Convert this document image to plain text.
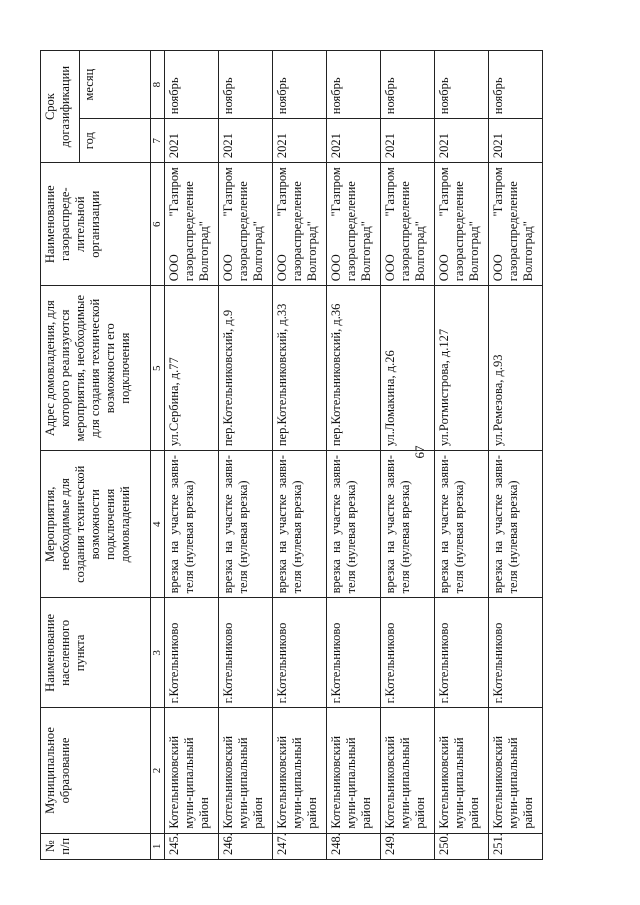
67
№ п/п	Муниципальное образование	Наименование населенного пункта	Мероприятия, необходимые для создания технической возможности подключения домовладений	Адрес домовладения, для которого реализуются мероприятия, необходимые для создания технической возможности его подключения	Наименование газораспреде-лительной организации	Срок догазификации	
						год	месяц
1	2	3	4	5	6	7	8
245.	Котельниковский муни-ципальный район	г.Котельниково	врезка на участке заяви-теля (нулевая врезка)	ул.Сербина, д.77	ООО "Газпром газораспределение Волгоград"	2021	ноябрь
246.	Котельниковский муни-ципальный район	г.Котельниково	врезка на участке заяви-теля (нулевая врезка)	пер.Котельниковский, д.9	ООО "Газпром газораспределение Волгоград"	2021	ноябрь
247.	Котельниковский муни-ципальный район	г.Котельниково	врезка на участке заяви-теля (нулевая врезка)	пер.Котельниковский, д.33	ООО "Газпром газораспределение Волгоград"	2021	ноябрь
248.	Котельниковский муни-ципальный район	г.Котельниково	врезка на участке заяви-теля (нулевая врезка)	пер.Котельниковский, д.36	ООО "Газпром газораспределение Волгоград"	2021	ноябрь
249.	Котельниковский муни-ципальный район	г.Котельниково	врезка на участке заяви-теля (нулевая врезка)	ул.Ломакина, д.26	ООО "Газпром газораспределение Волгоград"	2021	ноябрь
250.	Котельниковский муни-ципальный район	г.Котельниково	врезка на участке заяви-теля (нулевая врезка)	ул.Ротмистрова, д.127	ООО "Газпром газораспределение Волгоград"	2021	ноябрь
251.	Котельниковский муни-ципальный район	г.Котельниково	врезка на участке заяви-теля (нулевая врезка)	ул.Ремезова, д.93	ООО "Газпром газораспределение Волгоград"	2021	ноябрь
